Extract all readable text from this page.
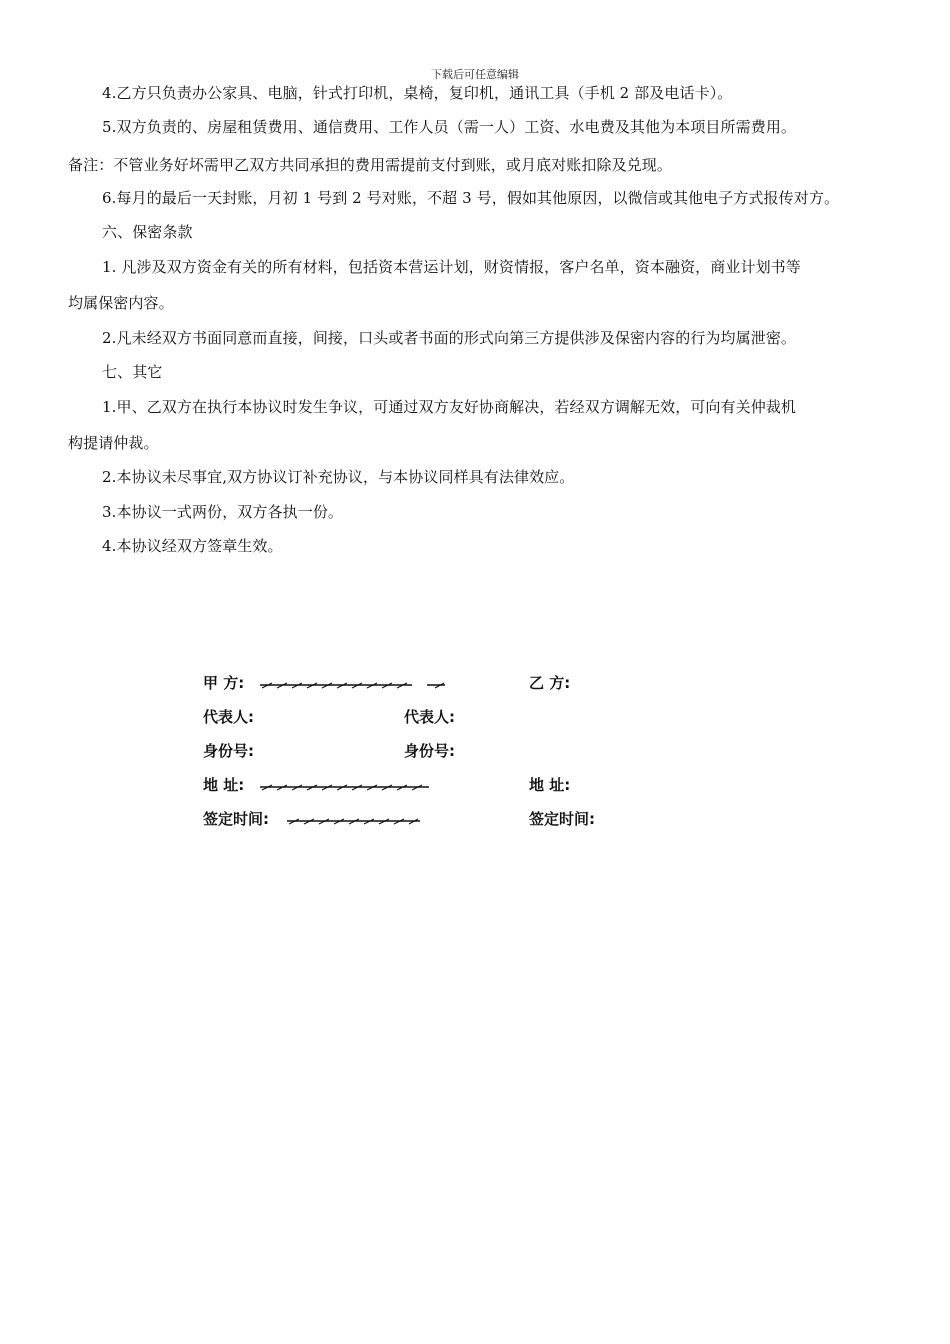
下载后可任意编辑
4.乙方只负责办公家具、电脑，针式打印机，桌椅，复印机，通讯工具（手机 2 部及电话卡）。
5.双方负责的、房屋租赁费用、通信费用、工作人员（需一人）工资、水电费及其他为本项目所需费用。
备注：不管业务好坏需甲乙双方共同承担的费用需提前支付到账，或月底对账扣除及兑现。
6.每月的最后一天封账，月初 1 号到 2 号对账，不超 3 号，假如其他原因，以微信或其他电子方式报传对方。
六、保密条款
1. 凡涉及双方资金有关的所有材料，包括资本营运计划，财资情报，客户名单，资本融资，商业计划书等
均属保密内容。
2.凡未经双方书面同意而直接，间接，口头或者书面的形式向第三方提供涉及保密内容的行为均属泄密。
七、其它
1.甲、乙双方在执行本协议时发生争议，可通过双方友好协商解决，若经双方调解无效，可向有关仲裁机
构提请仲裁。
2.本协议未尽事宜,双方协议订补充协议，与本协议同样具有法律效应。
3.本协议一式两份，双方各执一份。
4.本协议经双方签章生效。
甲 方:	乙 方:
代表人:	代表人:
身份号:	身份号:
地 址:	地 址:
签定时间:	签定时间:
